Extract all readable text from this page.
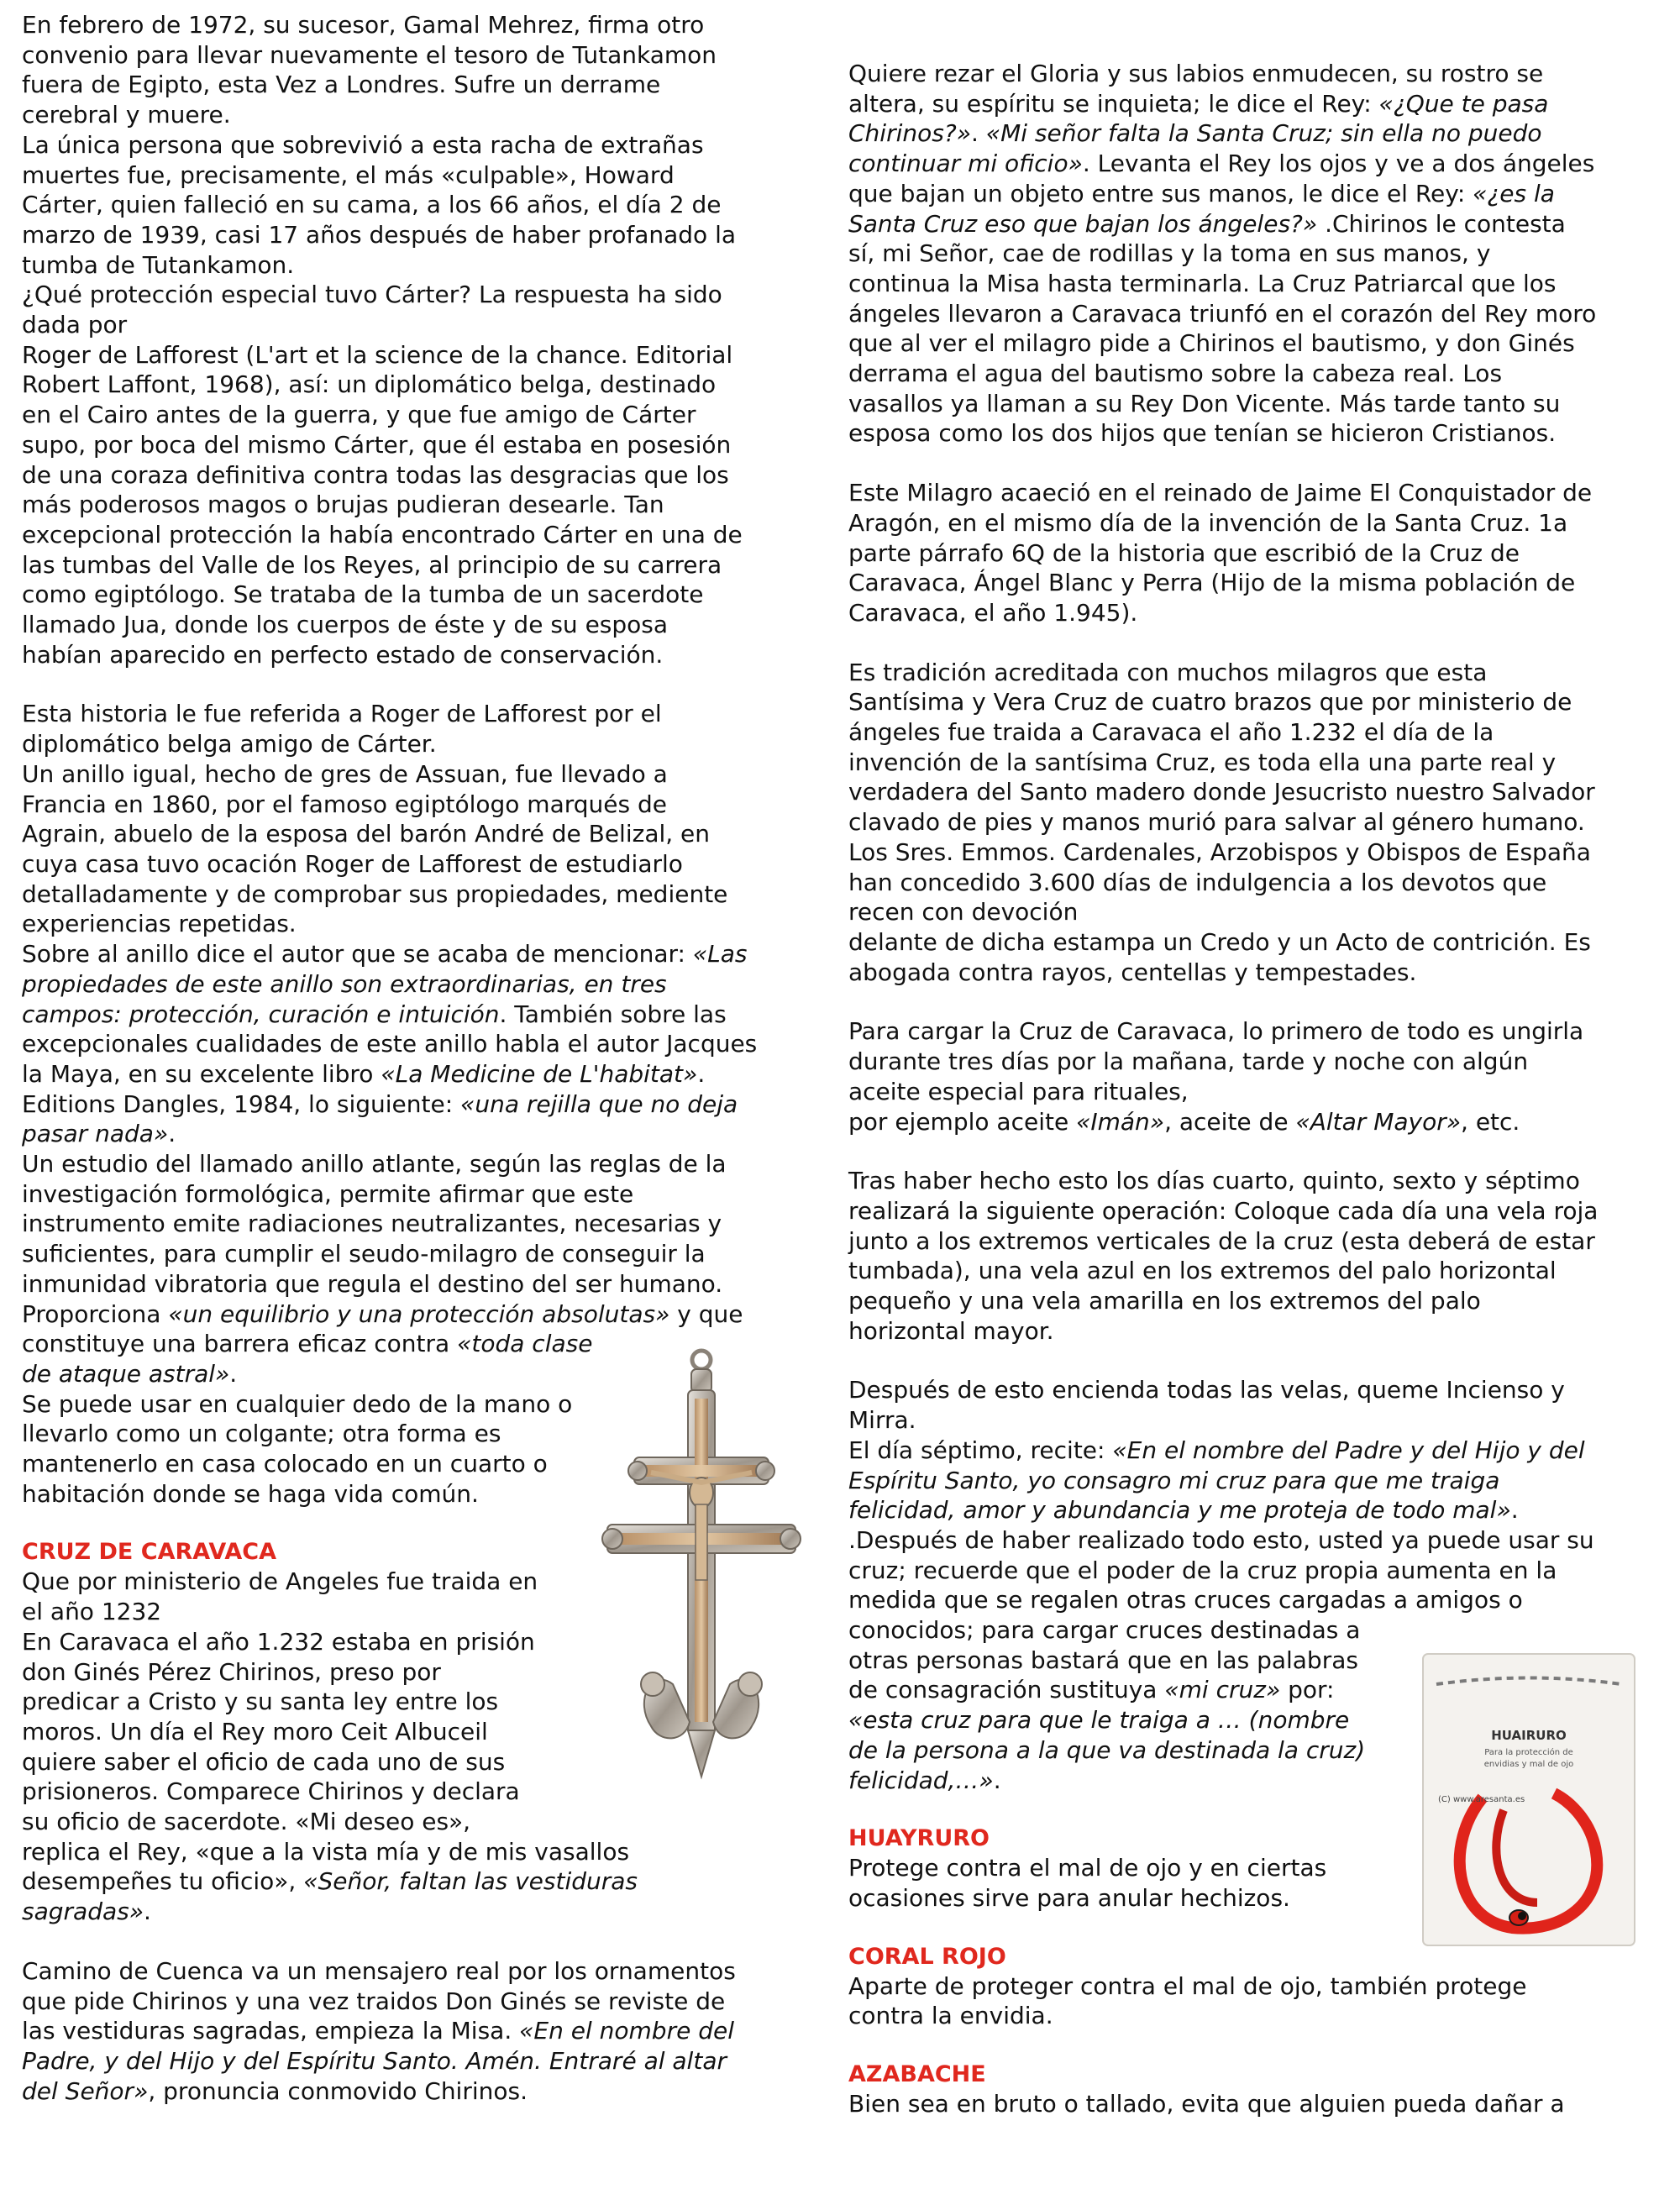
En febrero de 1972, su sucesor, Gamal Mehrez, firma otro
convenio para llevar nuevamente el tesoro de Tutankamon
fuera de Egipto, esta Vez a Londres. Sufre un derrame
cerebral y muere.

La única persona que sobrevivió a esta racha de extrañas
muertes fue, precisamente, el más «culpable», Howard
Cárter, quien falleció en su cama, a los 66 años, el día 2 de
marzo de 1939, casi 17 años después de haber profanado la
tumba de Tutankamon.

¿Qué protección especial tuvo Cárter? La respuesta ha sido
dada por

Roger de Lafforest (L'art et la science de la chance. Editorial
Robert Laffont, 1968), así: un diplomático belga, destinado
en el Cairo antes de la guerra, y que fue amigo de Cárter
supo, por boca del mismo Cárter, que él estaba en posesión
de una coraza definitiva contra todas las desgracias que los
más poderosos magos o brujas pudieran desearle. Tan
excepcional protección la había encontrado Cárter en una de
las tumbas del Valle de los Reyes, al principio de su carrera
como egiptólogo. Se trataba de la tumba de un sacerdote
llamado Jua, donde los cuerpos de éste y de su esposa
habían aparecido en perfecto estado de conservación.

Esta historia le fue referida a Roger de Lafforest por el
diplomático belga amigo de Cárter.

Un anillo igual, hecho de gres de Assuan, fue llevado a
Francia en 1860, por el famoso egiptólogo marqués de
Agrain, abuelo de la esposa del barón André de Belizal, en
cuya casa tuvo ocación Roger de Lafforest de estudiarlo
detalladamente y de comprobar sus propiedades, mediente
experiencias repetidas.

Sobre al anillo dice el autor que se acaba de mencionar: «Las
propiedades de este anillo son extraordinarias, en tres
campos: protección, curación e intuición. También sobre las
excepcionales cualidades de este anillo habla el autor Jacques
la Maya, en su excelente libro «La Medicine de L'habitat».
Editions Dangles, 1984, lo siguiente: «una rejilla que no deja
pasar nada».

Un estudio del llamado anillo atlante, según las reglas de la
investigación formológica, permite afirmar que este
instrumento emite radiaciones neutralizantes, necesarias y
suficientes, para cumplir el seudo-milagro de conseguir la
inmunidad vibratoria que regula el destino del ser humano.
Proporciona «un equilibrio y una protección absolutas» y que
constituye una barrera eficaz contra «toda clase
de ataque astral».

Se puede usar en cualquier dedo de la mano o
llevarlo como un colgante; otra forma es
mantenerlo en casa colocado en un cuarto o
habitación donde se haga vida común.

CRUZ DE CARAVACA

Que por ministerio de Angeles fue traida en
el año 1232

En Caravaca el año 1.232 estaba en prisión
don Ginés Pérez Chirinos, preso por
predicar a Cristo y su santa ley entre los
moros. Un día el Rey moro Ceit Albuceil
quiere saber el oficio de cada uno de sus
prisioneros. Comparece Chirinos y declara
su oficio de sacerdote. «Mi deseo es»,
replica el Rey, «que a la vista mía y de mis vasallos
desempeñes tu oficio», «Señor, faltan las vestiduras
sagradas».

Camino de Cuenca va un mensajero real por los ornamentos
que pide Chirinos y una vez traidos Don Ginés se reviste de
las vestiduras sagradas, empieza la Misa. «En el nombre del
Padre, y del Hijo y del Espíritu Santo. Amén. Entraré al altar
del Señor», pronuncia conmovido Chirinos.

Quiere rezar el Gloria y sus labios enmudecen, su rostro se
altera, su espíritu se inquieta; le dice el Rey: «¿Que te pasa
Chirinos?». «Mi señor falta la Santa Cruz; sin ella no puedo
continuar mi oficio». Levanta el Rey los ojos y ve a dos ángeles
que bajan un objeto entre sus manos, le dice el Rey: «¿es la
Santa Cruz eso que bajan los ángeles?» .Chirinos le contesta
sí, mi Señor, cae de rodillas y la toma en sus manos, y
continua la Misa hasta terminarla. La Cruz Patriarcal que los
ángeles llevaron a Caravaca triunfó en el corazón del Rey moro
que al ver el milagro pide a Chirinos el bautismo, y don Ginés
derrama el agua del bautismo sobre la cabeza real. Los
vasallos ya llaman a su Rey Don Vicente. Más tarde tanto su
esposa como los dos hijos que tenían se hicieron Cristianos.

Este Milagro acaeció en el reinado de Jaime El Conquistador de
Aragón, en el mismo día de la invención de la Santa Cruz. 1a
parte párrafo 6Q de la historia que escribió de la Cruz de
Caravaca, Ángel Blanc y Perra (Hijo de la misma población de
Caravaca, el año 1.945).

Es tradición acreditada con muchos milagros que esta
Santísima y Vera Cruz de cuatro brazos que por ministerio de
ángeles fue traida a Caravaca el año 1.232 el día de la
invención de la santísima Cruz, es toda ella una parte real y
verdadera del Santo madero donde Jesucristo nuestro Salvador
clavado de pies y manos murió para salvar al género humano.
Los Sres. Emmos. Cardenales, Arzobispos y Obispos de España
han concedido 3.600 días de indulgencia a los devotos que
recen con devoción

delante de dicha estampa un Credo y un Acto de contrición. Es
abogada contra rayos, centellas y tempestades.

Para cargar la Cruz de Caravaca, lo primero de todo es ungirla
durante tres días por la mañana, tarde y noche con algún
aceite especial para rituales,
por ejemplo aceite «Imán», aceite de «Altar Mayor», etc.

Tras haber hecho esto los días cuarto, quinto, sexto y séptimo
realizará la siguiente operación: Coloque cada día una vela roja
junto a los extremos verticales de la cruz (esta deberá de estar
tumbada), una vela azul en los extremos del palo horizontal
pequeño y una vela amarilla en los extremos del palo
horizontal mayor.

Después de esto encienda todas las velas, queme Incienso y
Mirra.

El día séptimo, recite: «En el nombre del Padre y del Hijo y del
Espíritu Santo, yo consagro mi cruz para que me traiga
felicidad, amor y abundancia y me proteja de todo mal».

.Después de haber realizado todo esto, usted ya puede usar su
cruz; recuerde que el poder de la cruz propia aumenta en la
medida que se regalen otras cruces cargadas a amigos o
conocidos; para cargar cruces destinadas a
otras personas bastará que en las palabras
de consagración sustituya «mi cruz» por:
«esta cruz para que le traiga a … (nombre
de la persona a la que va destinada la cruz)
felicidad,…».

HUAYRURO

Protege contra el mal de ojo y en ciertas
ocasiones sirve para anular hechizos.

CORAL ROJO

Aparte de proteger contra el mal de ojo, también protege
contra la envidia.

AZABACHE

Bien sea en bruto o tallado, evita que alguien pueda dañar a

HUAIRURO
Para la protección de
envidias y mal de ojo
(C) www.aresanta.es
